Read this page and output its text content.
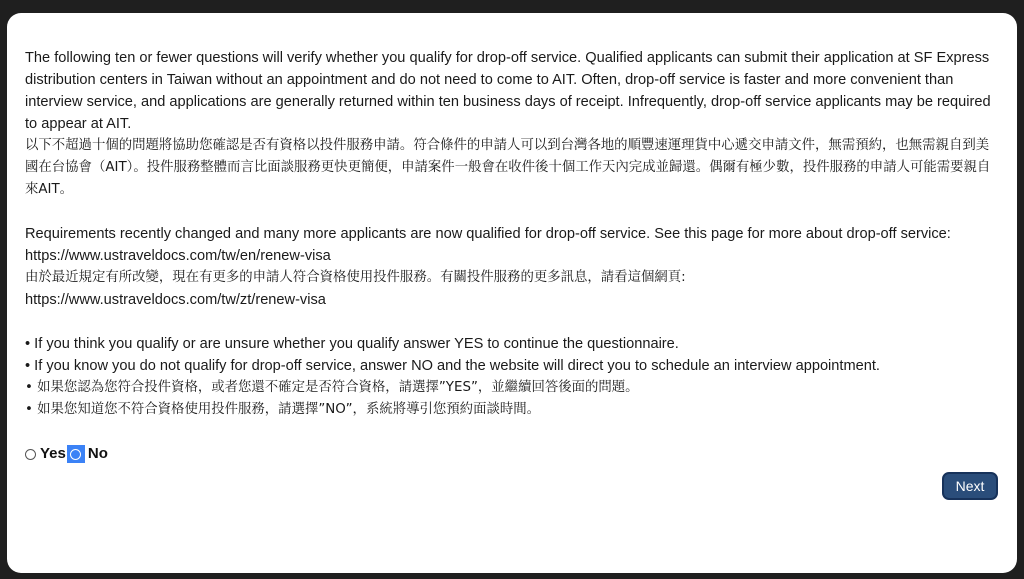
The following ten or fewer questions will verify whether you qualify for drop-off service. Qualified applicants can submit their application at SF Express distribution centers in Taiwan without an appointment and do not need to come to AIT. Often, drop-off service is faster and more convenient than interview service, and applications are generally returned within ten business days of receipt. Infrequently, drop-off service applicants may be required to appear at AIT.

以下不超過十個的問題將協助您確認是否有資格以投件服務申請。符合條件的申請人可以到台灣各地的順豐速運理貨中心遞交申請文件，無需預約，也無需親自到美國在台協會（AIT）。投件服務整體而言比面談服務更快更簡便，申請案件一般會在收件後十個工作天內完成並歸還。偶爾有極少數，投件服務的申請人可能需要親自來AIT。

Requirements recently changed and many more applicants are now qualified for drop-off service. See this page for more about drop-off service:

https://www.ustraveldocs.com/tw/en/renew-visa

由於最近規定有所改變，現在有更多的申請人符合資格使用投件服務。有關投件服務的更多訊息，請看這個網頁:

https://www.ustraveldocs.com/tw/zt/renew-visa

• If you think you qualify or are unsure whether you qualify answer YES to continue the questionnaire.

• If you know you do not qualify for drop-off service, answer NO and the website will direct you to schedule an interview appointment.

• 如果您認為您符合投件資格，或者您還不確定是否符合資格，請選擇”YES”，並繼續回答後面的問題。

• 如果您知道您不符合資格使用投件服務，請選擇”NO”，系統將導引您預約面談時間。

Yes No
Next
